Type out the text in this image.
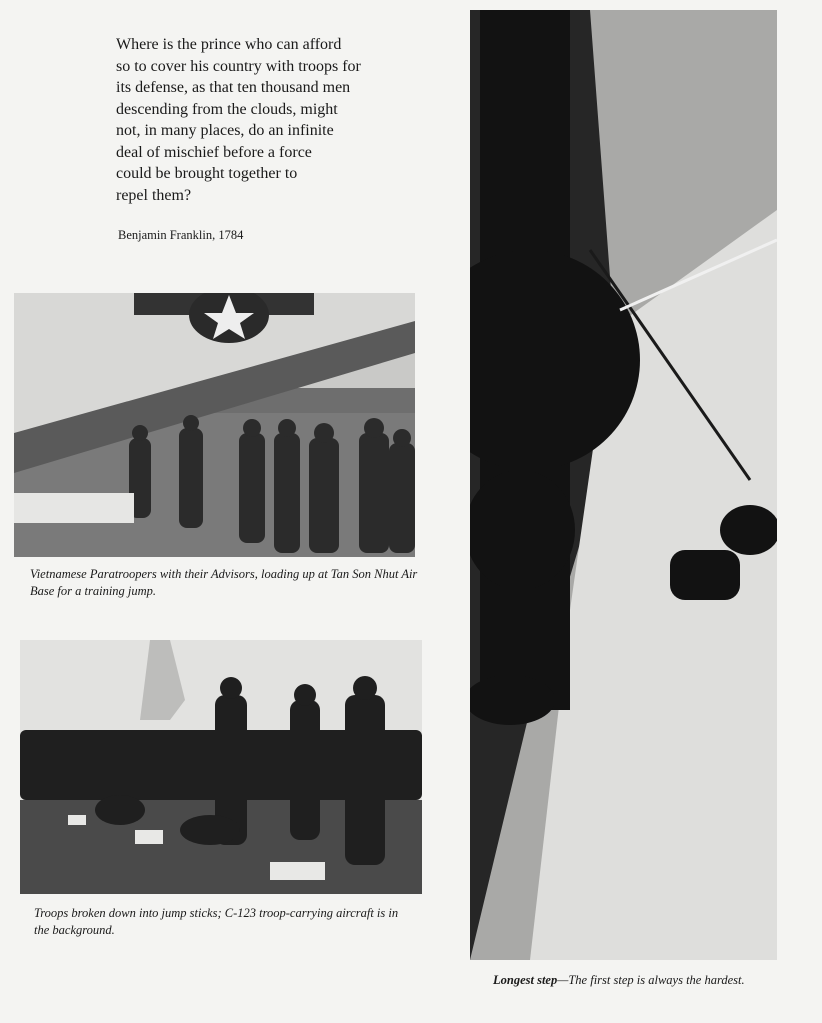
Where is the prince who can afford
so to cover his country with troops for
its defense, as that ten thousand men
descending from the clouds, might
not, in many places, do an infinite
deal of mischief before a force
could be brought together to
repel them?
Benjamin Franklin, 1784
Vietnamese Paratroopers with their Advisors, loading up at Tan Son Nhut Air Base for a training jump.
Troops broken down into jump sticks; C-123 troop-carrying aircraft is in the background.
Longest step—The first step is always the hardest.
